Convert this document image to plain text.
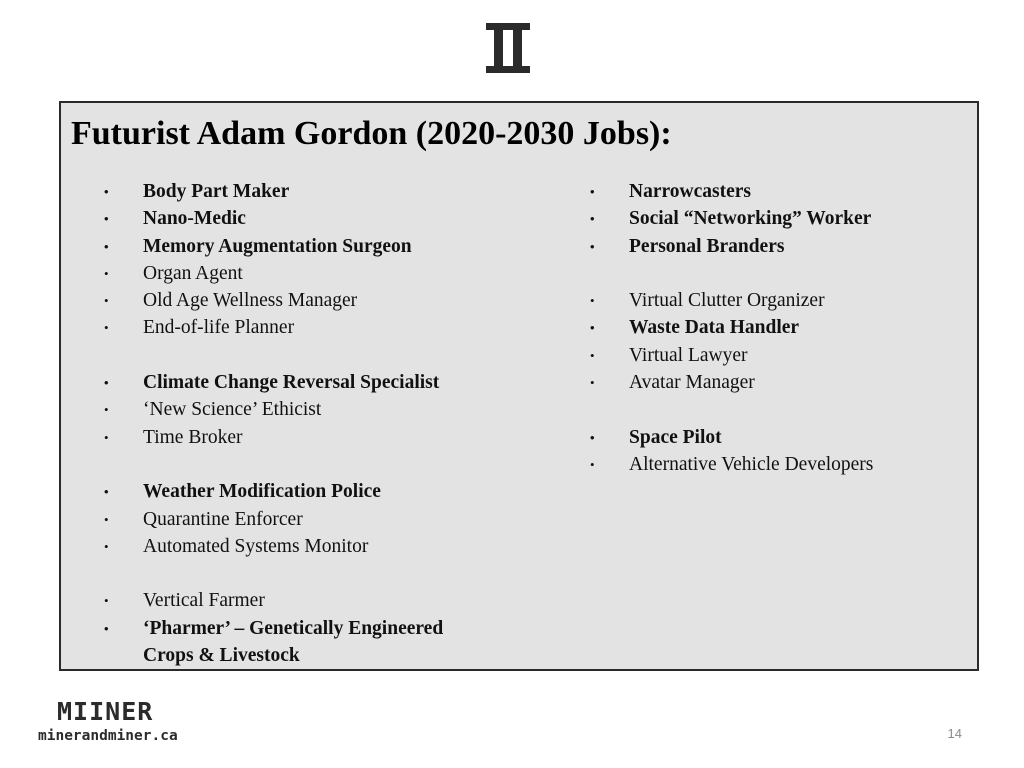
Futurist Adam Gordon (2020-2030 Jobs):
• Body Part Maker
• Nano-Medic
• Memory Augmentation Surgeon
• Organ Agent
• Old Age Wellness Manager
• End-of-life Planner
• Climate Change Reversal Specialist
• ‘New Science’ Ethicist
• Time Broker
• Weather Modification Police
• Quarantine Enforcer
• Automated Systems Monitor
• Vertical Farmer
• ‘Pharmer’ – Genetically Engineered
Crops & Livestock
• Narrowcasters
• Social “Networking” Worker
• Personal Branders
• Virtual Clutter Organizer
• Waste Data Handler
• Virtual Lawyer
• Avatar Manager
• Space Pilot
• Alternative Vehicle Developers
MIINER
minerandminer.ca	14
